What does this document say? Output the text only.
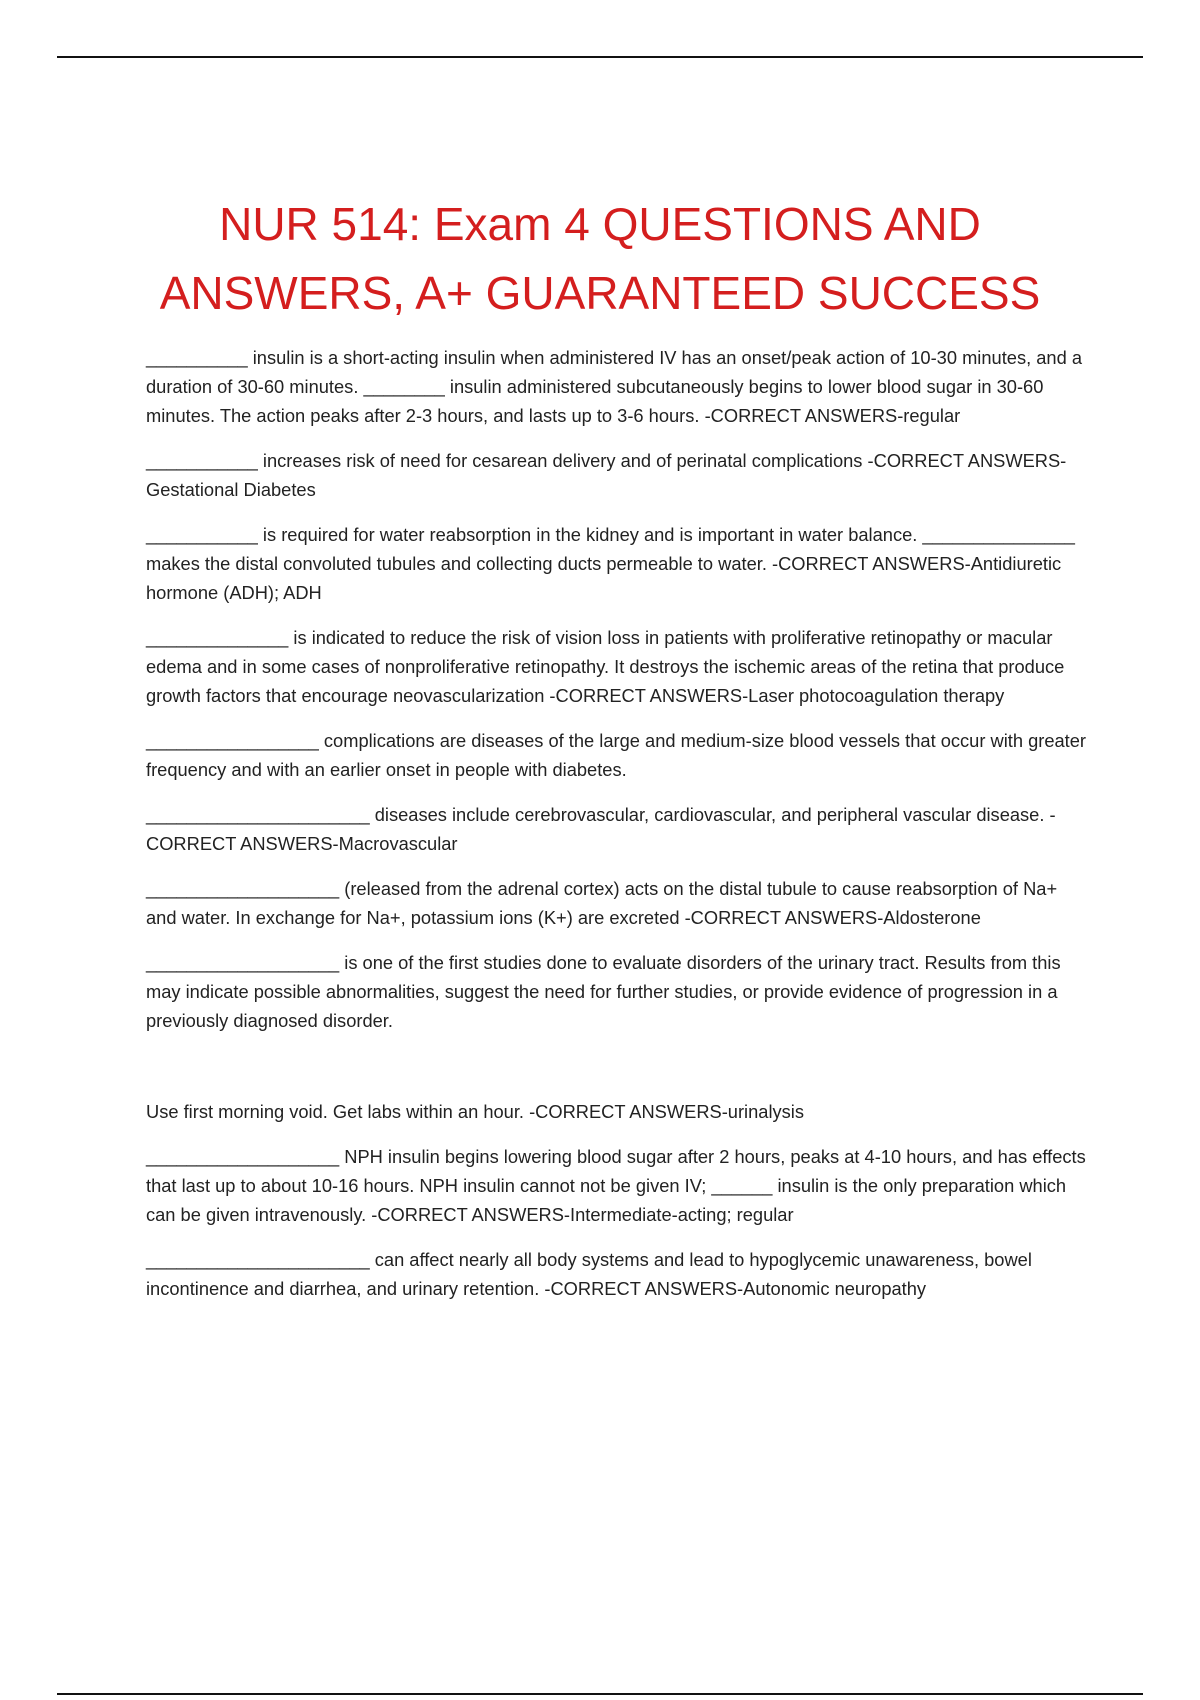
NUR 514: Exam 4 QUESTIONS AND
ANSWERS, A+ GUARANTEED SUCCESS

__________ insulin is a short-acting insulin when administered IV has an onset/peak action of 10-30 minutes, and a duration of 30-60 minutes. ________ insulin administered subcutaneously begins to lower blood sugar in 30-60 minutes. The action peaks after 2-3 hours, and lasts up to 3-6 hours. -CORRECT ANSWERS-regular

___________ increases risk of need for cesarean delivery and of perinatal complications -CORRECT ANSWERS-Gestational Diabetes

___________ is required for water reabsorption in the kidney and is important in water balance. _______________ makes the distal convoluted tubules and collecting ducts permeable to water. -CORRECT ANSWERS-Antidiuretic hormone (ADH); ADH

______________ is indicated to reduce the risk of vision loss in patients with proliferative retinopathy or macular edema and in some cases of nonproliferative retinopathy. It destroys the ischemic areas of the retina that produce growth factors that encourage neovascularization -CORRECT ANSWERS-Laser photocoagulation therapy

_________________ complications are diseases of the large and medium-size blood vessels that occur with greater frequency and with an earlier onset in people with diabetes.

______________________ diseases include cerebrovascular, cardiovascular, and peripheral vascular disease. -CORRECT ANSWERS-Macrovascular

___________________ (released from the adrenal cortex) acts on the distal tubule to cause reabsorption of Na+ and water. In exchange for Na+, potassium ions (K+) are excreted -CORRECT ANSWERS-Aldosterone

___________________ is one of the first studies done to evaluate disorders of the urinary tract. Results from this may indicate possible abnormalities, suggest the need for further studies, or provide evidence of progression in a previously diagnosed disorder.

Use first morning void. Get labs within an hour. -CORRECT ANSWERS-urinalysis

___________________ NPH insulin begins lowering blood sugar after 2 hours, peaks at 4-10 hours, and has effects that last up to about 10-16 hours. NPH insulin cannot not be given IV; ______ insulin is the only preparation which can be given intravenously. -CORRECT ANSWERS-Intermediate-acting; regular

______________________ can affect nearly all body systems and lead to hypoglycemic unawareness, bowel incontinence and diarrhea, and urinary retention. -CORRECT ANSWERS-Autonomic neuropathy
